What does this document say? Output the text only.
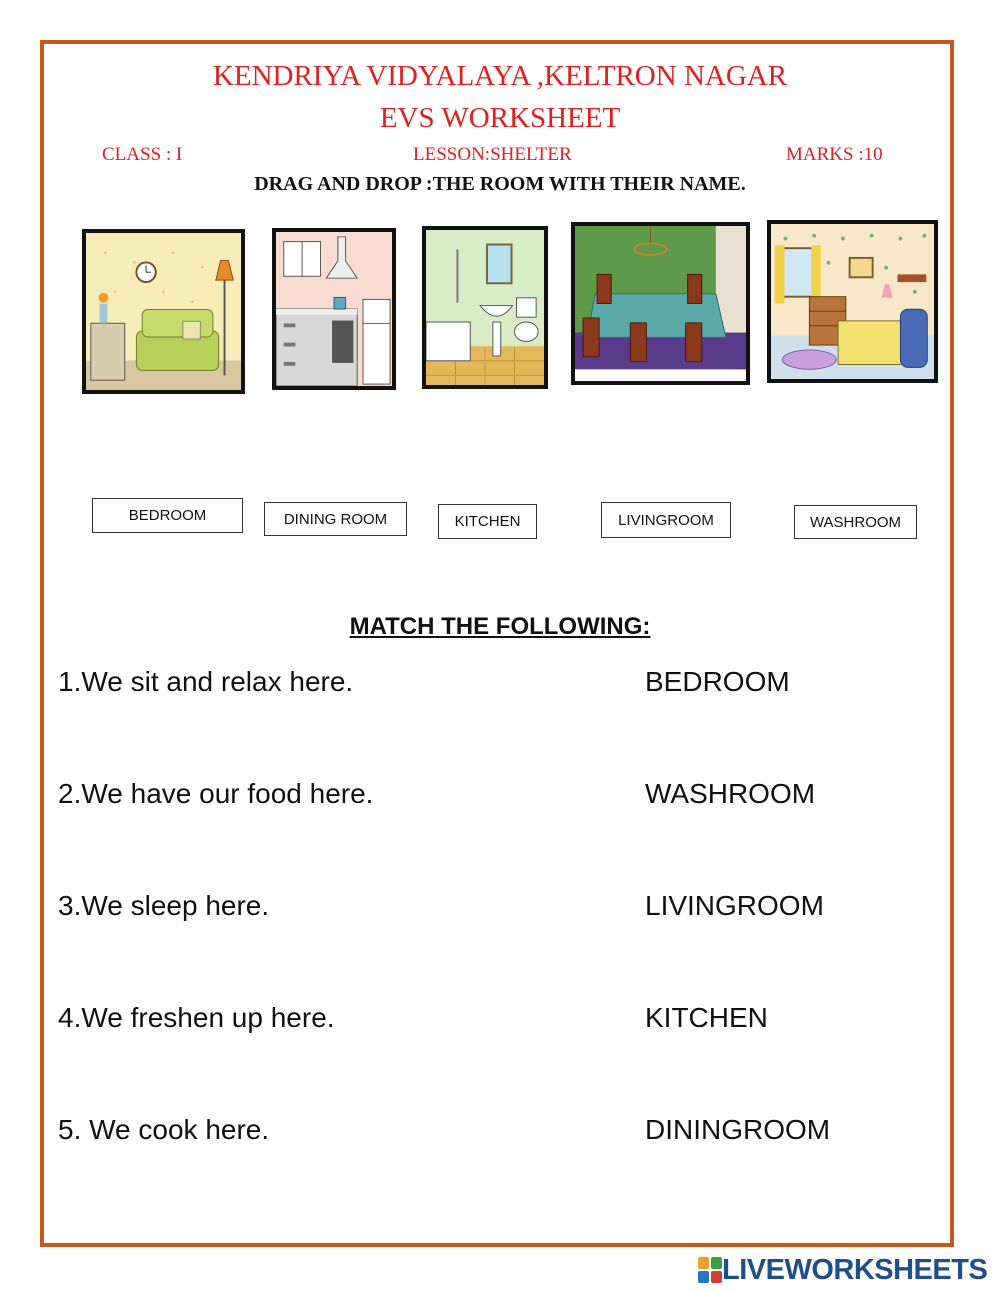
KENDRIYA VIDYALAYA ,KELTRON NAGAR
EVS WORKSHEET
CLASS : I	LESSON:SHELTER	MARKS :10
DRAG AND DROP :THE ROOM WITH THEIR NAME.
BEDROOM	DINING ROOM	KITCHEN	LIVINGROOM	WASHROOM
MATCH THE FOLLOWING:
1.We sit and relax here.	BEDROOM
2.We have our food here.	WASHROOM
3.We sleep here.	LIVINGROOM
4.We freshen up here.	KITCHEN
5. We cook here.	DININGROOM
LIVEWORKSHEETS
